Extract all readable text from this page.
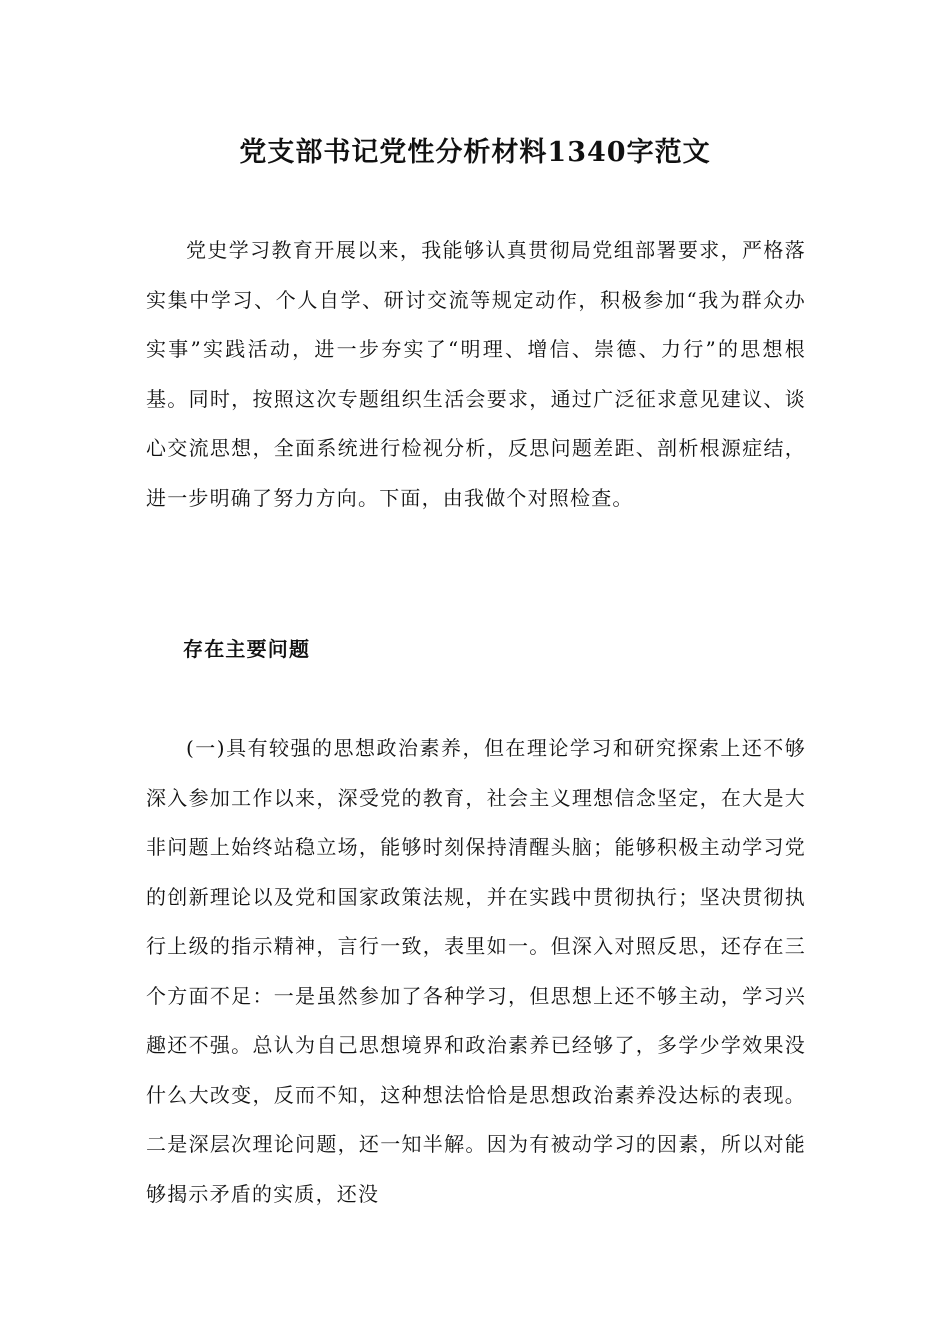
党支部书记党性分析材料1340字范文

党史学习教育开展以来，我能够认真贯彻局党组部署要求，严格落实集中学习、个人自学、研讨交流等规定动作，积极参加“我为群众办实事”实践活动，进一步夯实了“明理、增信、崇德、力行”的思想根基。同时，按照这次专题组织生活会要求，通过广泛征求意见建议、谈心交流思想，全面系统进行检视分析，反思问题差距、剖析根源症结，进一步明确了努力方向。下面，由我做个对照检查。

存在主要问题

(一)具有较强的思想政治素养，但在理论学习和研究探索上还不够深入参加工作以来，深受党的教育，社会主义理想信念坚定，在大是大非问题上始终站稳立场，能够时刻保持清醒头脑；能够积极主动学习党的创新理论以及党和国家政策法规，并在实践中贯彻执行；坚决贯彻执行上级的指示精神，言行一致，表里如一。但深入对照反思，还存在三个方面不足：一是虽然参加了各种学习，但思想上还不够主动，学习兴趣还不强。总认为自己思想境界和政治素养已经够了，多学少学效果没什么大改变，反而不知，这种想法恰恰是思想政治素养没达标的表现。二是深层次理论问题，还一知半解。因为有被动学习的因素，所以对能够揭示矛盾的实质，还没
